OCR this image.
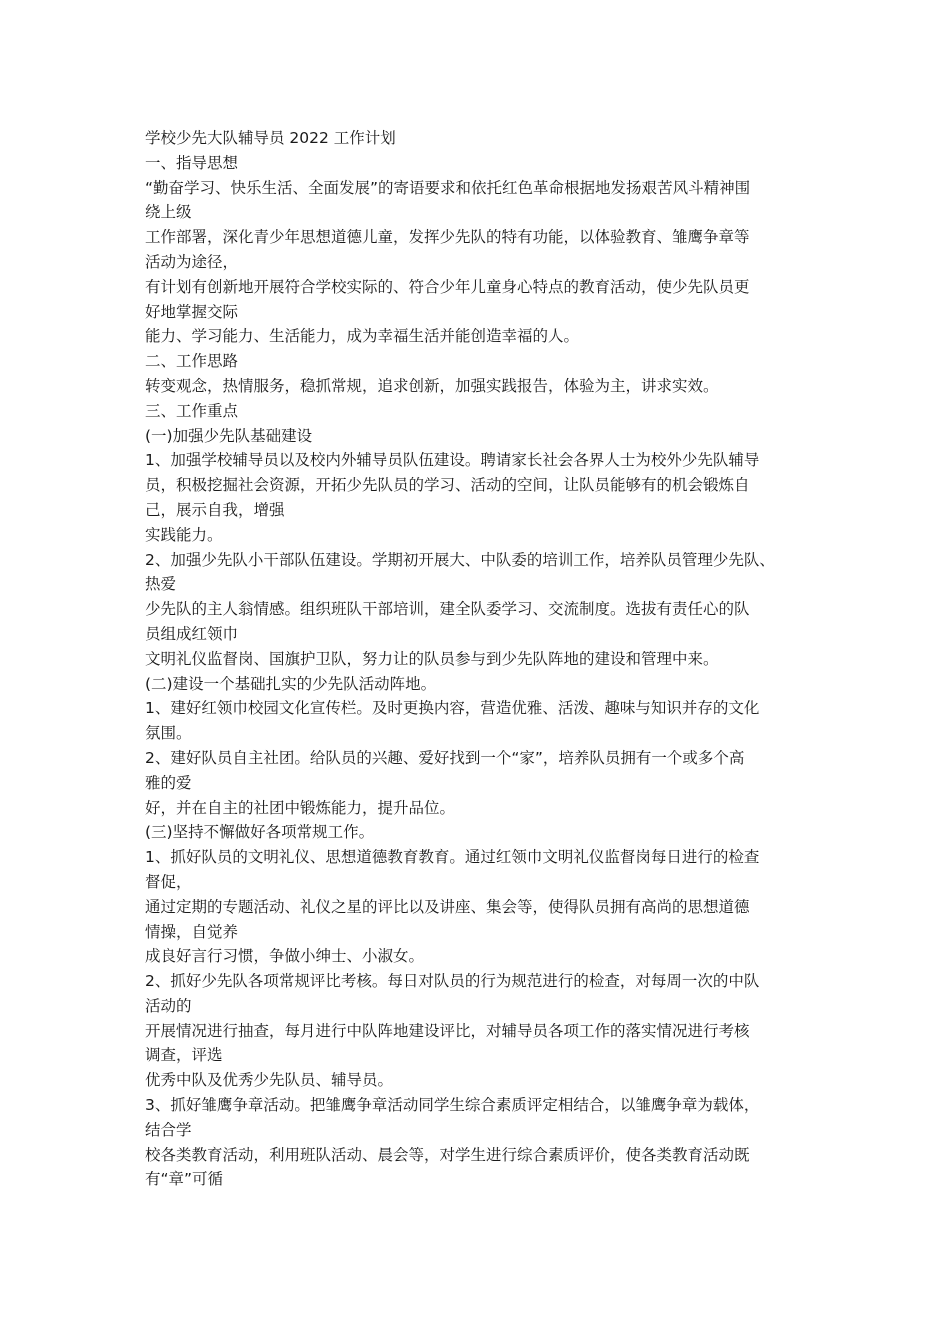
学校少先大队辅导员 2022 工作计划
一、指导思想
“勤奋学习、快乐生活、全面发展”的寄语要求和依托红色革命根据地发扬艰苦风斗精神围
绕上级
工作部署，深化青少年思想道德儿童，发挥少先队的特有功能，以体验教育、雏鹰争章等
活动为途径，
有计划有创新地开展符合学校实际的、符合少年儿童身心特点的教育活动，使少先队员更
好地掌握交际
能力、学习能力、生活能力，成为幸福生活并能创造幸福的人。
二、工作思路
转变观念，热情服务，稳抓常规，追求创新，加强实践报告，体验为主，讲求实效。
三、工作重点
(一)加强少先队基础建设
1、加强学校辅导员以及校内外辅导员队伍建设。聘请家长社会各界人士为校外少先队辅导
员，积极挖掘社会资源，开拓少先队员的学习、活动的空间，让队员能够有的机会锻炼自
己，展示自我，增强
实践能力。
2、加强少先队小干部队伍建设。学期初开展大、中队委的培训工作，培养队员管理少先队、
热爱
少先队的主人翁情感。组织班队干部培训，建全队委学习、交流制度。选拔有责任心的队
员组成红领巾
文明礼仪监督岗、国旗护卫队，努力让的队员参与到少先队阵地的建设和管理中来。
(二)建设一个基础扎实的少先队活动阵地。
1、建好红领巾校园文化宣传栏。及时更换内容，营造优雅、活泼、趣味与知识并存的文化
氛围。
2、建好队员自主社团。给队员的兴趣、爱好找到一个“家”，培养队员拥有一个或多个高
雅的爱
好，并在自主的社团中锻炼能力，提升品位。
(三)坚持不懈做好各项常规工作。
1、抓好队员的文明礼仪、思想道德教育教育。通过红领巾文明礼仪监督岗每日进行的检查
督促，
通过定期的专题活动、礼仪之星的评比以及讲座、集会等，使得队员拥有高尚的思想道德
情操，自觉养
成良好言行习惯，争做小绅士、小淑女。
2、抓好少先队各项常规评比考核。每日对队员的行为规范进行的检查，对每周一次的中队
活动的
开展情况进行抽查，每月进行中队阵地建设评比，对辅导员各项工作的落实情况进行考核
调查，评选
优秀中队及优秀少先队员、辅导员。
3、抓好雏鹰争章活动。把雏鹰争章活动同学生综合素质评定相结合，以雏鹰争章为载体，
结合学
校各类教育活动，利用班队活动、晨会等，对学生进行综合素质评价，使各类教育活动既
有“章”可循
